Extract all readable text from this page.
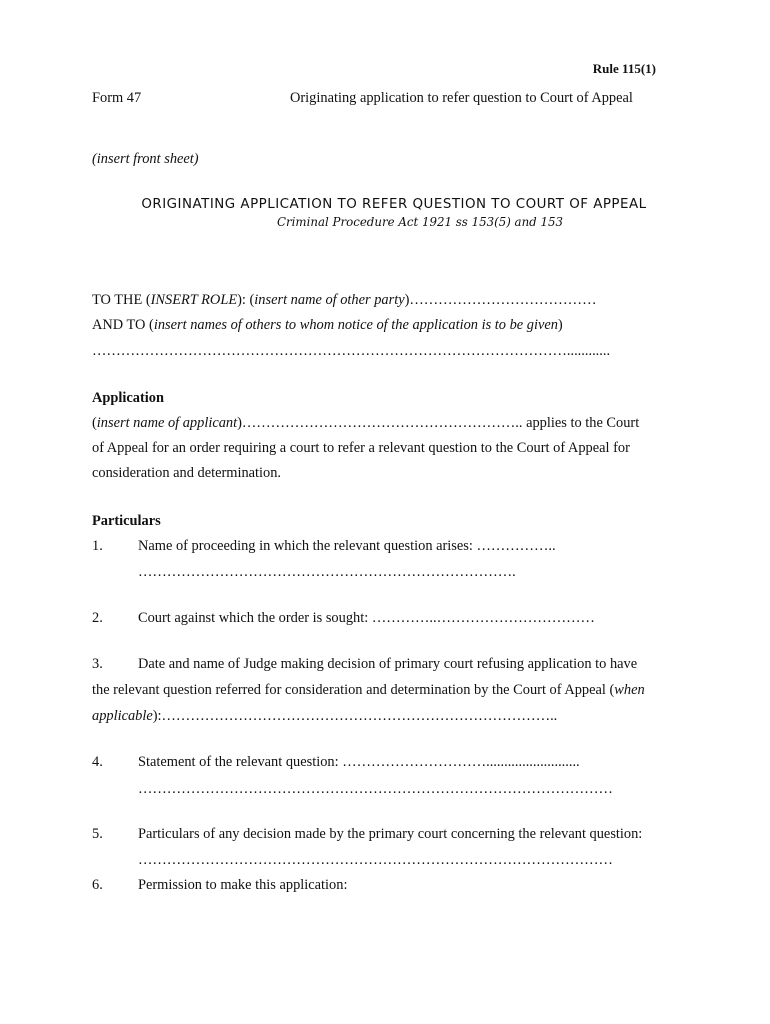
Rule 115(1)
Form 47	Originating application to refer question to Court of Appeal
(insert front sheet)
ORIGINATING APPLICATION TO REFER QUESTION TO COURT OF APPEAL
Criminal Procedure Act 1921 ss 153(5) and 153
TO THE (INSERT ROLE): (insert name of other party)…………………………………
AND TO (insert names of others to whom notice of the application is to be given)
………………………………………………………………………………………............
Application
(insert name of applicant)………………………………………………….. applies to the Court
of Appeal for an order requiring a court to refer a relevant question to the Court of Appeal for
consideration and determination.
Particulars
1. Name of proceeding in which the relevant question arises: ……………..
…………………………………………………………………….
2. Court against which the order is sought: …………..……………………………
3. Date and name of Judge making decision of primary court refusing application to have
the relevant question referred for consideration and determination by the Court of Appeal (when
applicable):………………………………………………………………………..
4. Statement of the relevant question: …………………………..........................
………………………………………………………………………………………
5. Particulars of any decision made by the primary court concerning the relevant question:
………………………………………………………………………………………
6. Permission to make this application:
